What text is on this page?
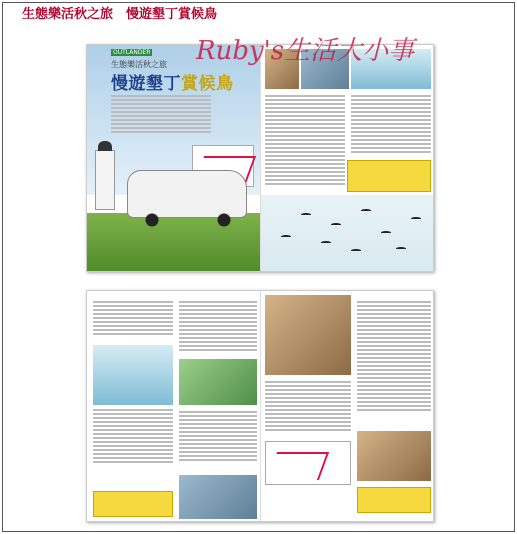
生態樂活秋之旅　慢遊墾丁賞候鳥
OUTLANDER
生態樂活秋之旅
慢遊墾丁賞候鳥
Ruby's生活大小事
